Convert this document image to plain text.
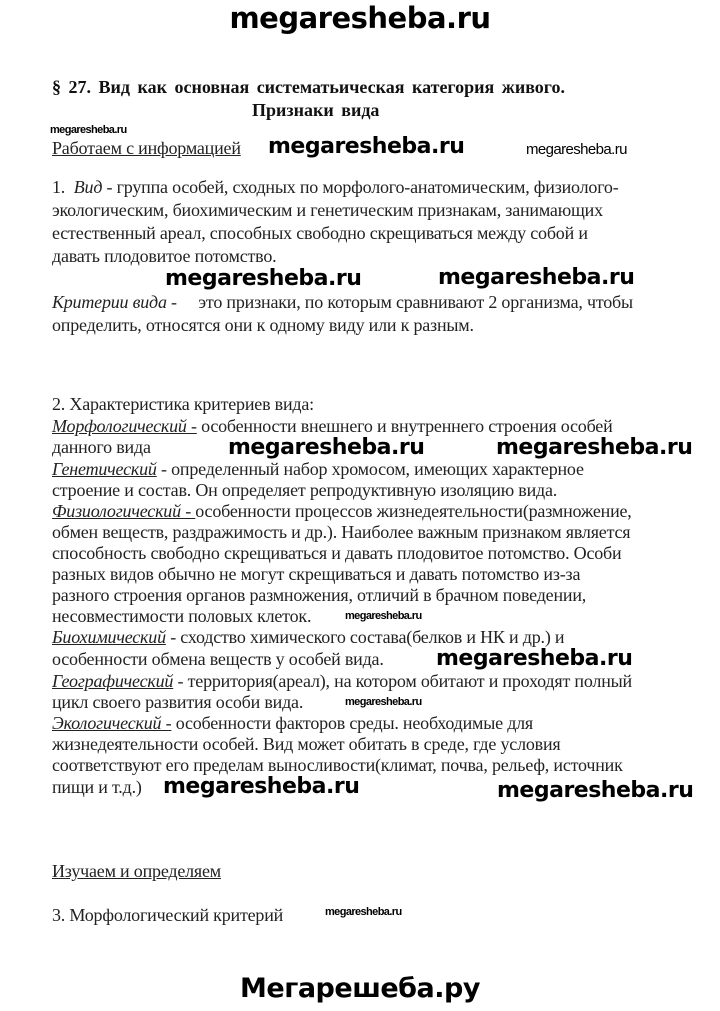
megaresheba.ru
§ 27. Вид как основная систематьическая категория живого.
Признаки вида
megaresheba.ru
Работаем с информацией megaresheba.ru	megaresheba.ru
1. Вид - группа особей, сходных по морфолого-анатомическим, физиолого-
экологическим, биохимическим и генетическим признакам, занимающих
естественный ареал, способных свободно скрещиваться между собой и
давать плодовитое потомство.
megaresheba.ru	megaresheba.ru
Критерии вида - это признаки, по которым сравнивают 2 организма, чтобы
определить, относятся они к одному виду или к разным.
2. Характеристика критериев вида:
Морфологический - особенности внешнего и внутреннего строения особей
данного вида	megaresheba.ru	megaresheba.ru
Генетический - определенный набор хромосом, имеющих характерное
строение и состав. Он определяет репродуктивную изоляцию вида.
Физиологический - особенности процессов жизнедеятельности(размножение,
обмен веществ, раздражимость и др.). Наиболее важным признаком является
способность свободно скрещиваться и давать плодовитое потомство. Особи
разных видов обычно не могут скрещиваться и давать потомство из-за
разного строения органов размножения, отличий в брачном поведении,
несовместимости половых клеток.	megaresheba.ru
Биохимический - сходство химического состава(белков и НК и др.) и
особенности обмена веществ у особей вида. megaresheba.ru
Географический - территория(ареал), на котором обитают и проходят полный
цикл своего развития особи вида.	megaresheba.ru
Экологический - особенности факторов среды. необходимые для
жизнедеятельности особей. Вид может обитать в среде, где условия
соответствуют его пределам выносливости(климат, почва, рельеф, источник
пищи и т.д.) megaresheba.ru	megaresheba.ru
Изучаем и определяем
3. Морфологический критерий	megaresheba.ru
Мегарешеба.ру
